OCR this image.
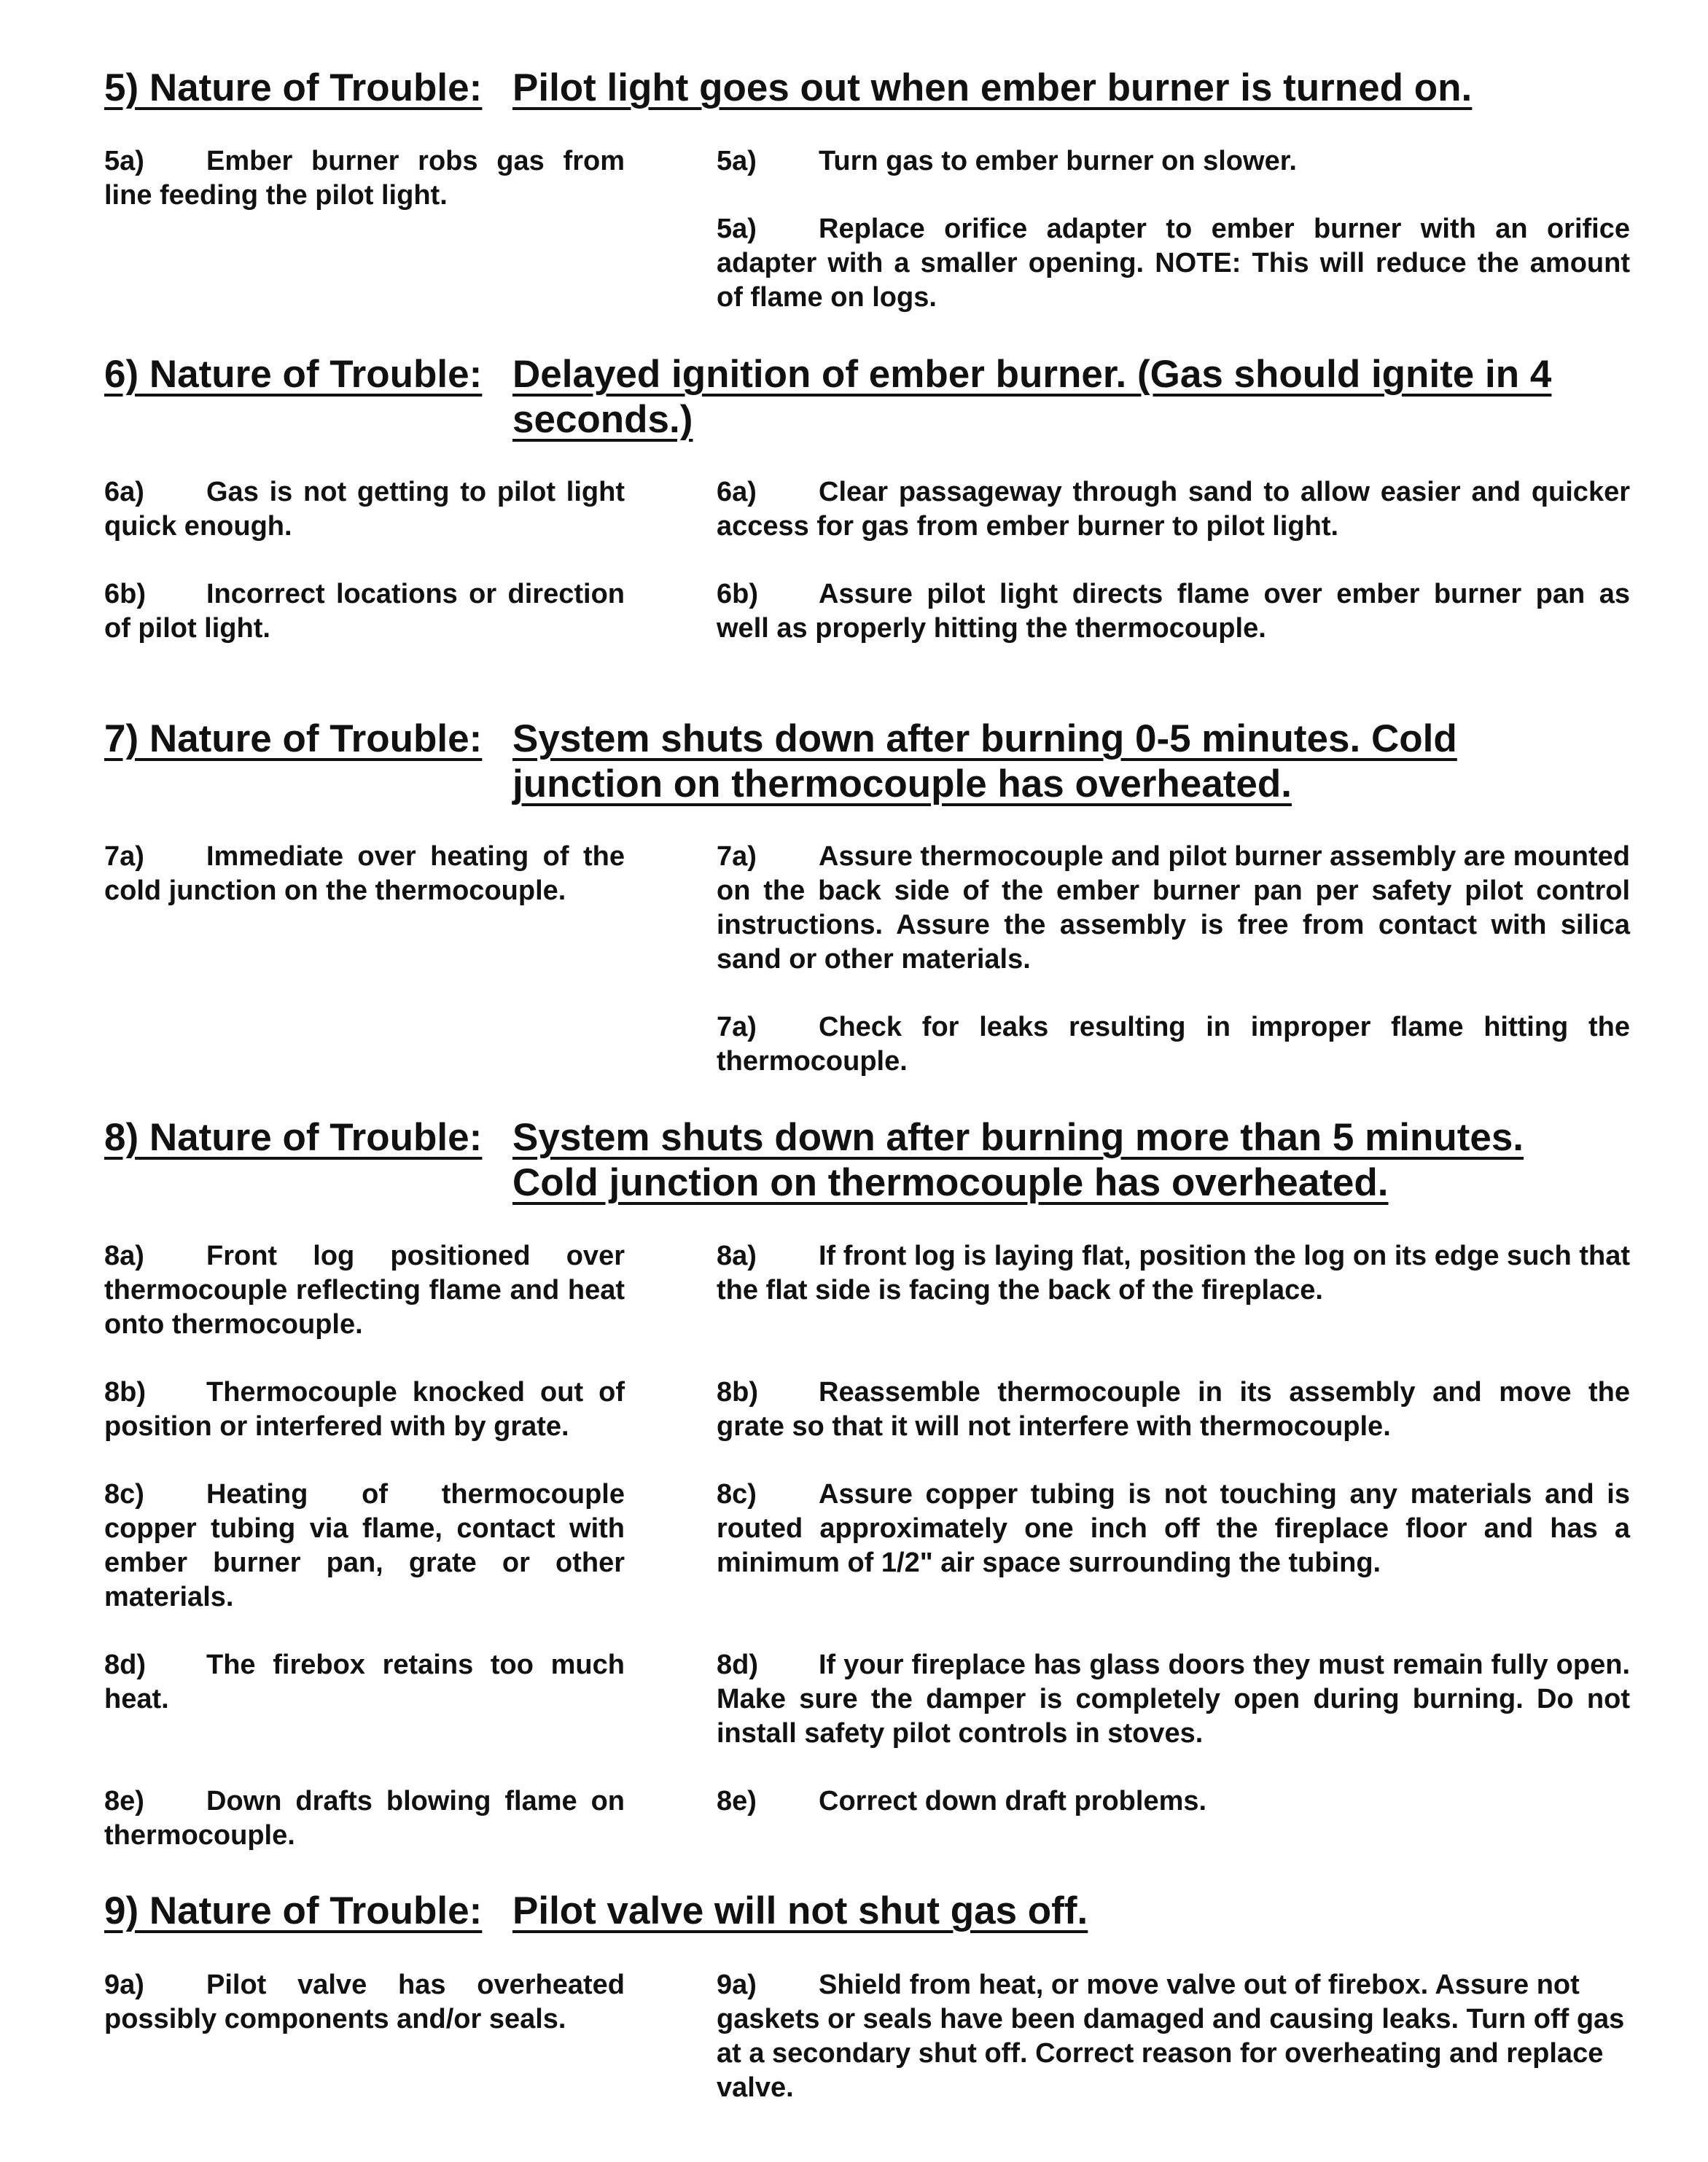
5) Nature of Trouble: Pilot light goes out when ember burner is turned on.
5a) Ember burner robs gas from line feeding the pilot light.
5a) Turn gas to ember burner on slower.
5a) Replace orifice adapter to ember burner with an orifice adapter with a smaller opening. NOTE: This will reduce the amount of flame on logs.
6) Nature of Trouble: Delayed ignition of ember burner. (Gas should ignite in 4 seconds.)
6a) Gas is not getting to pilot light quick enough.
6a) Clear passageway through sand to allow easier and quicker access for gas from ember burner to pilot light.
6b) Incorrect locations or direction of pilot light.
6b) Assure pilot light directs flame over ember burner pan as well as properly hitting the thermocouple.
7) Nature of Trouble: System shuts down after burning 0-5 minutes. Cold junction on thermocouple has overheated.
7a) Immediate over heating of the cold junction on the thermocouple.
7a) Assure thermocouple and pilot burner assembly are mounted on the back side of the ember burner pan per safety pilot control instructions. Assure the assembly is free from contact with silica sand or other materials.
7a) Check for leaks resulting in improper flame hitting the thermocouple.
8) Nature of Trouble: System shuts down after burning more than 5 minutes. Cold junction on thermocouple has overheated.
8a) Front log positioned over thermocouple reflecting flame and heat onto thermocouple.
8a) If front log is laying flat, position the log on its edge such that the flat side is facing the back of the fireplace.
8b) Thermocouple knocked out of position or interfered with by grate.
8b) Reassemble thermocouple in its assembly and move the grate so that it will not interfere with thermocouple.
8c) Heating of thermocouple copper tubing via flame, contact with ember burner pan, grate or other materials.
8c) Assure copper tubing is not touching any materials and is routed approximately one inch off the fireplace floor and has a minimum of 1/2" air space surrounding the tubing.
8d) The firebox retains too much heat.
8d) If your fireplace has glass doors they must remain fully open. Make sure the damper is completely open during burning. Do not install safety pilot controls in stoves.
8e) Down drafts blowing flame on thermocouple.
8e) Correct down draft problems.
9) Nature of Trouble: Pilot valve will not shut gas off.
9a) Pilot valve has overheated possibly components and/or seals.
9a) Shield from heat, or move valve out of firebox. Assure not gaskets or seals have been damaged and causing leaks. Turn off gas at a secondary shut off. Correct reason for overheating and replace valve.
